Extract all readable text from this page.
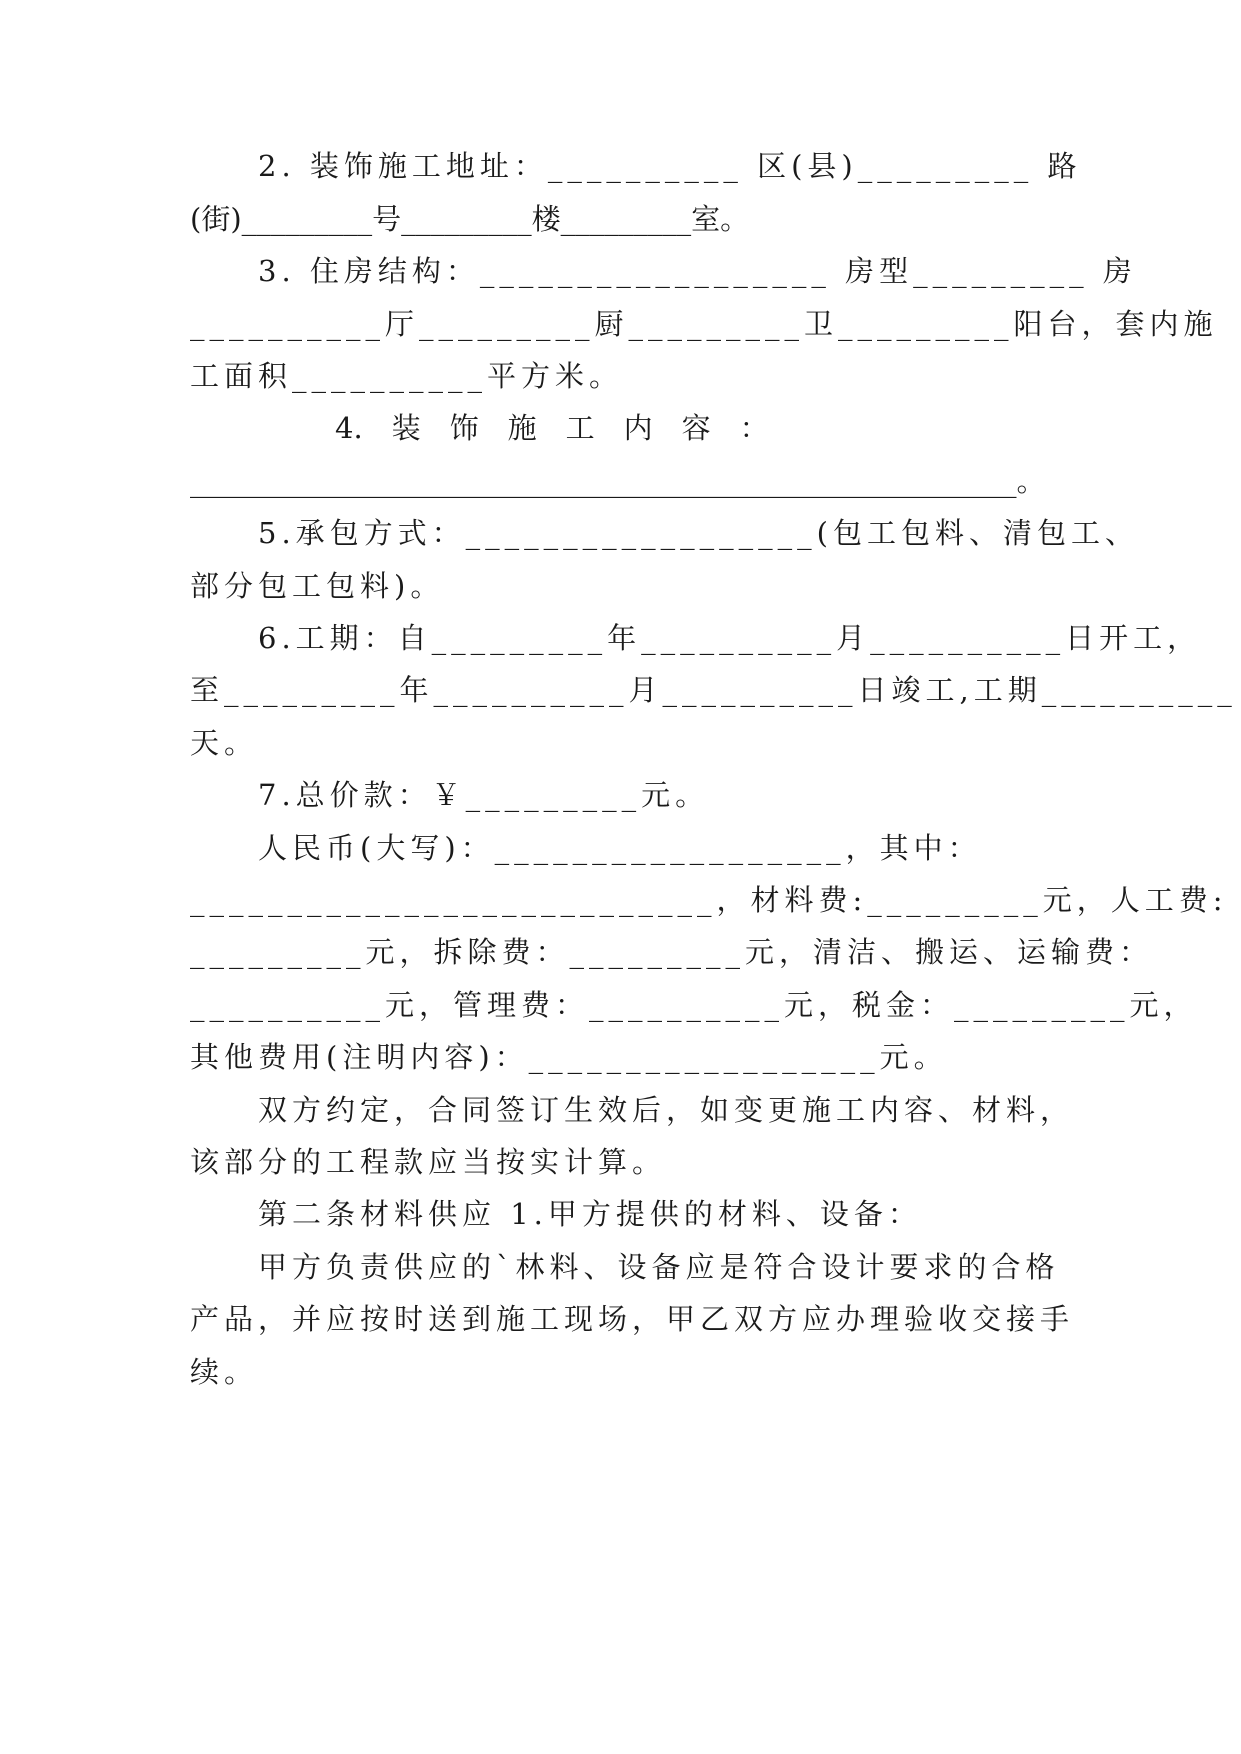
　　2. 装饰施工地址：__________ 区(县)_________ 路
(街)_________号_________楼_________室。
　　3. 住房结构：__________________ 房型_________ 房
__________厅_________厨_________卫_________阳台，套内施
工面积__________平方米。
　　　　　4.　装　饰　施　工　内　容　：
_________________________________________________________。
　　5.承包方式：__________________(包工包料、清包工、
部分包工包料)。
　　6.工期：自_________年__________月__________日开工，
至_________年__________月__________日竣工,工期__________
天。
　　7.总价款：￥_________元。
　　人民币(大写)：__________________，其中：
___________________________，材料费:_________元，人工费:
_________元，拆除费：_________元，清洁、搬运、运输费：
__________元，管理费：__________元，税金：_________元，
其他费用(注明内容)：__________________元。
　　双方约定，合同签订生效后，如变更施工内容、材料，
该部分的工程款应当按实计算。
　　第二条材料供应 1.甲方提供的材料、设备：
　　甲方负责供应的`林料、设备应是符合设计要求的合格
产品，并应按时送到施工现场，甲乙双方应办理验收交接手
续。
